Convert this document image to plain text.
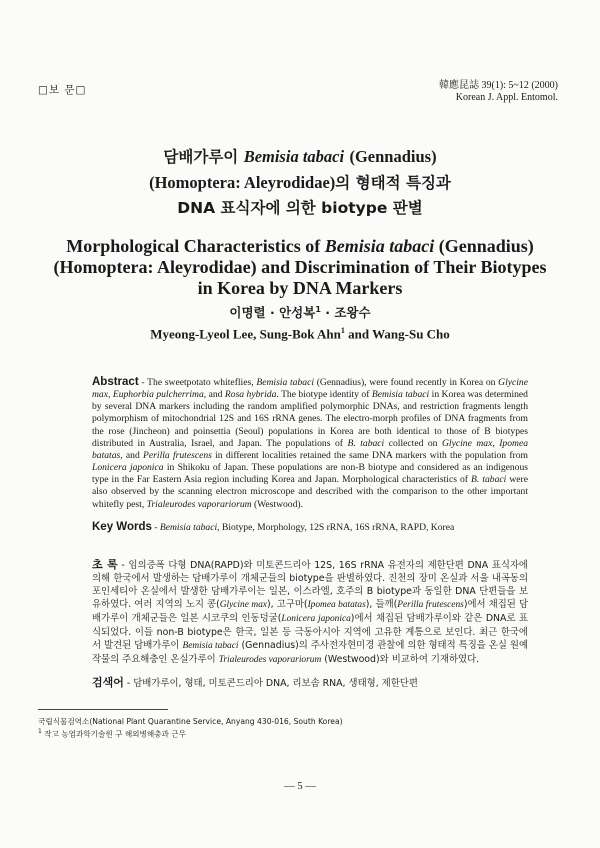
□보 문□	韓應昆誌 39(1): 5~12 (2000)
Korean J. Appl. Entomol.
담배가루이 Bemisia tabaci (Gennadius)
(Homoptera: Aleyrodidae)의 형태적 특징과
DNA 표식자에 의한 biotype 판별
Morphological Characteristics of Bemisia tabaci (Gennadius)
(Homoptera: Aleyrodidae) and Discrimination of Their Biotypes
in Korea by DNA Markers
이명렬 · 안성복$^1$ · 조왕수
Myeong-Lyeol Lee, Sung-Bok Ahn$^1$ and Wang-Su Cho
Abstract - The sweetpotato whiteflies, Bemisia tabaci (Gennadius), were found recently in Korea on Glycine max, Euphorbia pulcherrima, and Rosa hybrida. The biotype identity of Bemisia tabaci in Korea was determined by several DNA markers including the random amplified polymorphic DNAs, and restriction fragments length polymorphism of mitochondrial 12S and 16S rRNA genes. The electro-morph profiles of DNA fragments from the rose (Jincheon) and poinsettia (Seoul) populations in Korea are both identical to those of B biotypes distributed in Australia, Israel, and Japan. The populations of B. tabaci collected on Glycine max, Ipomea batatas, and Perilla frutescens in different localities retained the same DNA markers with the population from Lonicera japonica in Shikoku of Japan. These populations are non-B biotype and considered as an indigenous type in the Far Eastern Asia region including Korea and Japan. Morphological characteristics of B. tabaci were also observed by the scanning electron microscope and described with the comparison to the other important whitefly pest, Trialeurodes vaporariorum (Westwood).
Key Words - Bemisia tabaci, Biotype, Morphology, 12S rRNA, 16S rRNA, RAPD, Korea
초 록 - 임의증폭 다형 DNA(RAPD)와 미토콘드리아 12S, 16S rRNA 유전자의 제한단편 DNA 표식자에 의해 한국에서 발생하는 담배가루이 개체군들의 biotype을 판별하였다. 진천의 장미 온실과 서울 내곡동의 포인세티아 온실에서 발생한 담배가루이는 일본, 이스라엘, 호주의 B biotype과 동일한 DNA 단편들을 보유하였다. 여러 지역의 노지 콩(Glycine max), 고구마(Ipomea batatas), 들깨(Perilla frutescens)에서 채집된 담배가루이 개체군들은 일본 시코쿠의 인동덩굴(Lonicera japonica)에서 채집된 담배가루이와 같은 DNA로 표식되었다. 이들 non-B biotype은 한국, 일본 등 극동아시아 지역에 고유한 계통으로 보인다. 최근 한국에서 발견된 담배가루이 Bemisia tabaci (Gennadius)의 주사전자현미경 관찰에 의한 형태적 특징을 온실 원예작물의 주요해충인 온실가루이 Trialeurodes vaporariorum (Westwood)와 비교하여 기재하였다.
검색어 - 담배가루이, 형태, 미토콘드리아 DNA, 리보솜 RNA, 생태형, 제한단편
국립식물검역소(National Plant Quarantine Service, Anyang 430-016, South Korea)
$^1$ 작고 농업과학기술원 구 해외병해충과 근무
— 5 —
